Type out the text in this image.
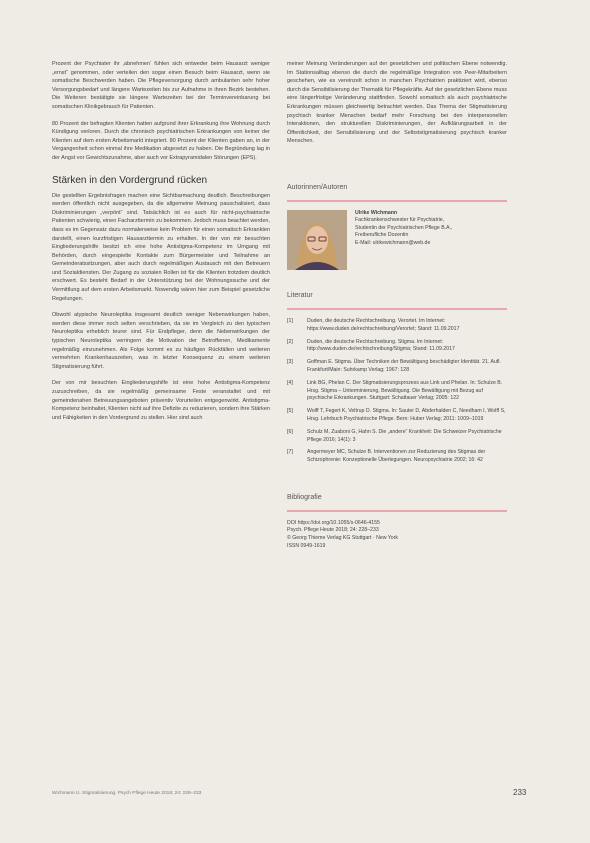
Prozent der Psychiater ihr ‚abnehmen‘ fühlen sich entweder beim Hausarzt weniger „ernst“ genommen, oder verteilen den sogar einen Besuch beim Hausarzt, wenn sie somatische Beschwerden haben. Die Pflegeversorgung durch ambulanten sehr hoher Versorgungsbedarf und längere Wartezeiten bis zur Aufnahme in ihren Bezirk bestehen. Die Weiteren bestätigte sie längere Wartezeiten bei der Terminvereinbarung bei somatischen Klinikgebrauch für Patienten.

80 Prozent der befragten Klienten hatten aufgrund ihrer Erkrankung ihre Wohnung durch Kündigung verloren. Durch die chronisch psychiatrischen Erkrankungen von keiner der Klienten auf dem ersten Arbeitsmarkt integriert. 80 Prozent der Klienten gaben an, in der Vergangenheit schon einmal ihre Medikation abgesetzt zu haben. Die Begründung lag in der Angst vor Gewichtszunahme, aber auch vor Extrapyramidalen Störungen (EPS).

Stärken in den Vordergrund rücken

Die gestellten Ergebnisfragen machen eine Sichtbarmachung deutlich. Beschreibungen werden öffentlich nicht ausgegeben, da die allgemeine Meinung pauschalisiert, dass Diskriminierungen „verpönt“ sind. Tatsächlich ist es auch für nicht-psychiatrische Patienten schwierig, einen Facharzttermin zu bekommen. Jedoch muss beachtet werden, dass es im Gegensatz dazu normalerweise kein Problem für einen somatisch Erkrankten darstellt, einen kurzfristigen Hausarzttermin zu erhalten. In der von mir besuchten Eingliederungshilfe besitzt ich eine hohe Antistigma-Kompetenz im Umgang mit Behörden, durch eingespielte Kontakte zum Bürgermeister und Teilnahme an Gemeinderatssitzungen, aber auch durch regelmäßigen Austausch mit den Betreuern und Sozialdiensten. Der Zugang zu sozialen Rollen ist für die Klienten trotzdem deutlich erschwert. Es besteht Bedarf in der Unterstützung bei der Wohnungssuche und der Vermittlung auf dem ersten Arbeitsmarkt. Nowendig wären hier zum Beispiel gesetzliche Regelungen.

Obwohl atypische Neuroleptika insgesamt deutlich weniger Nebenwirkungen haben, werden diese immer noch selten verschrieben, da sie im Vergleich zu den typischen Neuroleptika erheblich teurer sind. Für Endpfleger, denn die Nebenwirkungen der typischen Neuroleptika verringern die Motivation der Betroffenen, Medikamente regelmäßig einzunehmen. Als Folge kommt es zu häufigen Rückfällen und weiteren vermehrten Krankenhauszeiten, was in letzter Konsequenz zu einem weiteren Stigmatisierung führt.

Der von mir besuchten Eingliederungshilfe ist eine hohe Antistigma-Kompetenz zuzuschreiben, da sie regelmäßig gemeinsame Feste veranstaltet und mit gemeindenahen Betreuungsangeboten präventiv Vorurteilen entgegenwirkt. Antistigma-Kompetenz beinhaltet, Klienten nicht auf ihre Defizite zu reduzieren, sondern ihre Stärken und Fähigkeiten in den Vordergrund zu stellen. Hier sind auch

meiner Meinung Veränderungen auf der gesetzlichen und politischen Ebene notwendig. Im Stationsalltag ebenso die durch die regelmäßige Integration von Peer-Mitarbeitern geschehen, wie es vereinzelt schon in manchen Psychiatrien praktiziert wird, ebenso durch die Sensibilisierung der Thematik für Pflegekräfte. Auf der gesetzlichen Ebene muss eine längerfristige Veränderung stattfinden. Sowohl somatisch als auch psychiatrische Erkrankungen müssen gleichwertig betrachtet werden. Das Thema der Stigmatisierung psychisch kranker Menschen bedarf mehr Forschung bei den interpersonellen Interaktionen, den strukturellen Diskriminierungen, der Aufklärungsarbeit in der Öffentlichkeit, der Sensibilisierung und der Selbststigmatisierung psychisch kranker Menschen.

Autorinnen/Autoren
Ulrike Wichmann
Fachkrankenschwester für Psychiatrie,
Studentin der Psychiatrischen Pflege B.A.,
Freiberufliche Dozentin
E-Mail: ulrikewichmann@web.de
Literatur
[1]	Duden, die deutsche Rechtschreibung. Verortet. Im Internet: https://www.duden.de/rechtschreibung/Verortet; Stand: 11.09.2017
[2]	Duden, die deutsche Rechtschreibung. Stigma. Im Internet: http://www.duden.de/rechtschreibung/Stigma; Stand: 11.09.2017
[3]	Goffman E. Stigma. Über Techniken der Bewältigung beschädigter Identität. 21. Aufl. Frankfurt/Main: Suhrkamp Verlag; 1967: 128
[4]	Link BG, Phelan C. Der Stigmatisierungsprozess aus Link und Phelan. In: Schulze B. Hrsg. Stigma – Unterminierung, Bewältigung. Die Bewältigung mit Bezug auf psychische Erkrankungen. Stuttgart: Schattauer Verlag; 2005: 122
[5]	Wolff T, Fegert K, Veltrup D. Stigma. In: Sauter D, Abderhalden C, Needham I, Wolff S, Hrsg. Lehrbuch Psychiatrische Pflege. Bern: Huber Verlag; 2011: 1009–1019
[6]	Schulz M, Zuaboni G, Hahn S. Die „andere“ Krankheit: Die Schweizer Psychiatrische Pflege 2016; 14(1): 3
[7]	Angermeyer MC, Schulze B. Interventionen zur Reduzierung des Stigmas der Schizophrenie: Konzeptionelle Überlegungen. Neuropsychiatrie 2002; 16: 42
Bibliografie
DOI https://doi.org/10.1055/s-0646-4155
Psych. Pflege Heute 2018; 24: 228–233
© Georg Thieme Verlag KG Stuttgart · New York
ISSN 0949-1619
Wichmann U. Stigmatisierung. Psych Pflege Heute 2018; 24: 228–233	233
